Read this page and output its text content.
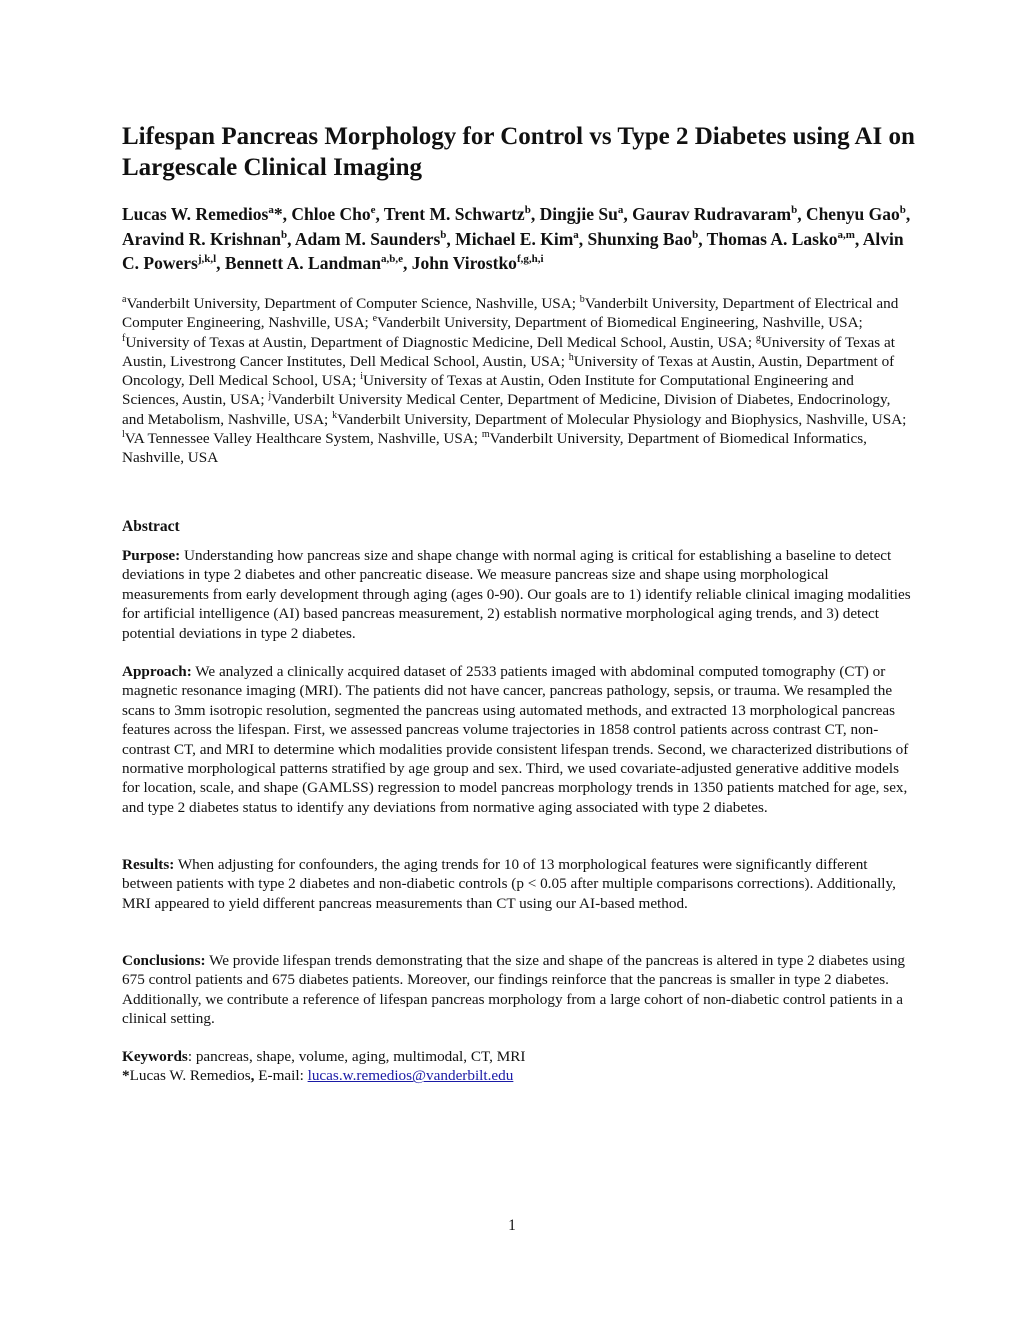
Lifespan Pancreas Morphology for Control vs Type 2 Diabetes using AI on Largescale Clinical Imaging
Lucas W. Remedios$^a$*, Chloe Cho$^e$, Trent M. Schwartz$^b$, Dingjie Su$^a$, Gaurav Rudravaram$^b$, Chenyu Gao$^b$, Aravind R. Krishnan$^b$, Adam M. Saunders$^b$, Michael E. Kim$^a$, Shunxing Bao$^b$, Thomas A. Lasko$^{a,m}$, Alvin C. Powers$^{j,k,l}$, Bennett A. Landman$^{a,b,e}$, John Virostko$^{f,g,h,i}$
$^a$Vanderbilt University, Department of Computer Science, Nashville, USA; $^b$Vanderbilt University, Department of Electrical and Computer Engineering, Nashville, USA; $^e$Vanderbilt University, Department of Biomedical Engineering, Nashville, USA; $^f$University of Texas at Austin, Department of Diagnostic Medicine, Dell Medical School, Austin, USA; $^g$University of Texas at Austin, Livestrong Cancer Institutes, Dell Medical School, Austin, USA; $^h$University of Texas at Austin, Austin, Department of Oncology, Dell Medical School, USA; $^i$University of Texas at Austin, Oden Institute for Computational Engineering and Sciences, Austin, USA; $^j$Vanderbilt University Medical Center, Department of Medicine, Division of Diabetes, Endocrinology, and Metabolism, Nashville, USA; $^k$Vanderbilt University, Department of Molecular Physiology and Biophysics, Nashville, USA; $^l$VA Tennessee Valley Healthcare System, Nashville, USA; $^m$Vanderbilt University, Department of Biomedical Informatics, Nashville, USA
Abstract

Purpose: Understanding how pancreas size and shape change with normal aging is critical for establishing a baseline to detect deviations in type 2 diabetes and other pancreatic disease. We measure pancreas size and shape using morphological measurements from early development through aging (ages 0-90). Our goals are to 1) identify reliable clinical imaging modalities for artificial intelligence (AI) based pancreas measurement, 2) establish normative morphological aging trends, and 3) detect potential deviations in type 2 diabetes.

Approach: We analyzed a clinically acquired dataset of 2533 patients imaged with abdominal computed tomography (CT) or magnetic resonance imaging (MRI). The patients did not have cancer, pancreas pathology, sepsis, or trauma. We resampled the scans to 3mm isotropic resolution, segmented the pancreas using automated methods, and extracted 13 morphological pancreas features across the lifespan. First, we assessed pancreas volume trajectories in 1858 control patients across contrast CT, non-contrast CT, and MRI to determine which modalities provide consistent lifespan trends. Second, we characterized distributions of normative morphological patterns stratified by age group and sex. Third, we used covariate-adjusted generative additive models for location, scale, and shape (GAMLSS) regression to model pancreas morphology trends in 1350 patients matched for age, sex, and type 2 diabetes status to identify any deviations from normative aging associated with type 2 diabetes.

Results: When adjusting for confounders, the aging trends for 10 of 13 morphological features were significantly different between patients with type 2 diabetes and non-diabetic controls (p < 0.05 after multiple comparisons corrections). Additionally, MRI appeared to yield different pancreas measurements than CT using our AI-based method.

Conclusions: We provide lifespan trends demonstrating that the size and shape of the pancreas is altered in type 2 diabetes using 675 control patients and 675 diabetes patients. Moreover, our findings reinforce that the pancreas is smaller in type 2 diabetes. Additionally, we contribute a reference of lifespan pancreas morphology from a large cohort of non-diabetic control patients in a clinical setting.

Keywords: pancreas, shape, volume, aging, multimodal, CT, MRI
*Lucas W. Remedios, E-mail: lucas.w.remedios@vanderbilt.edu
1
